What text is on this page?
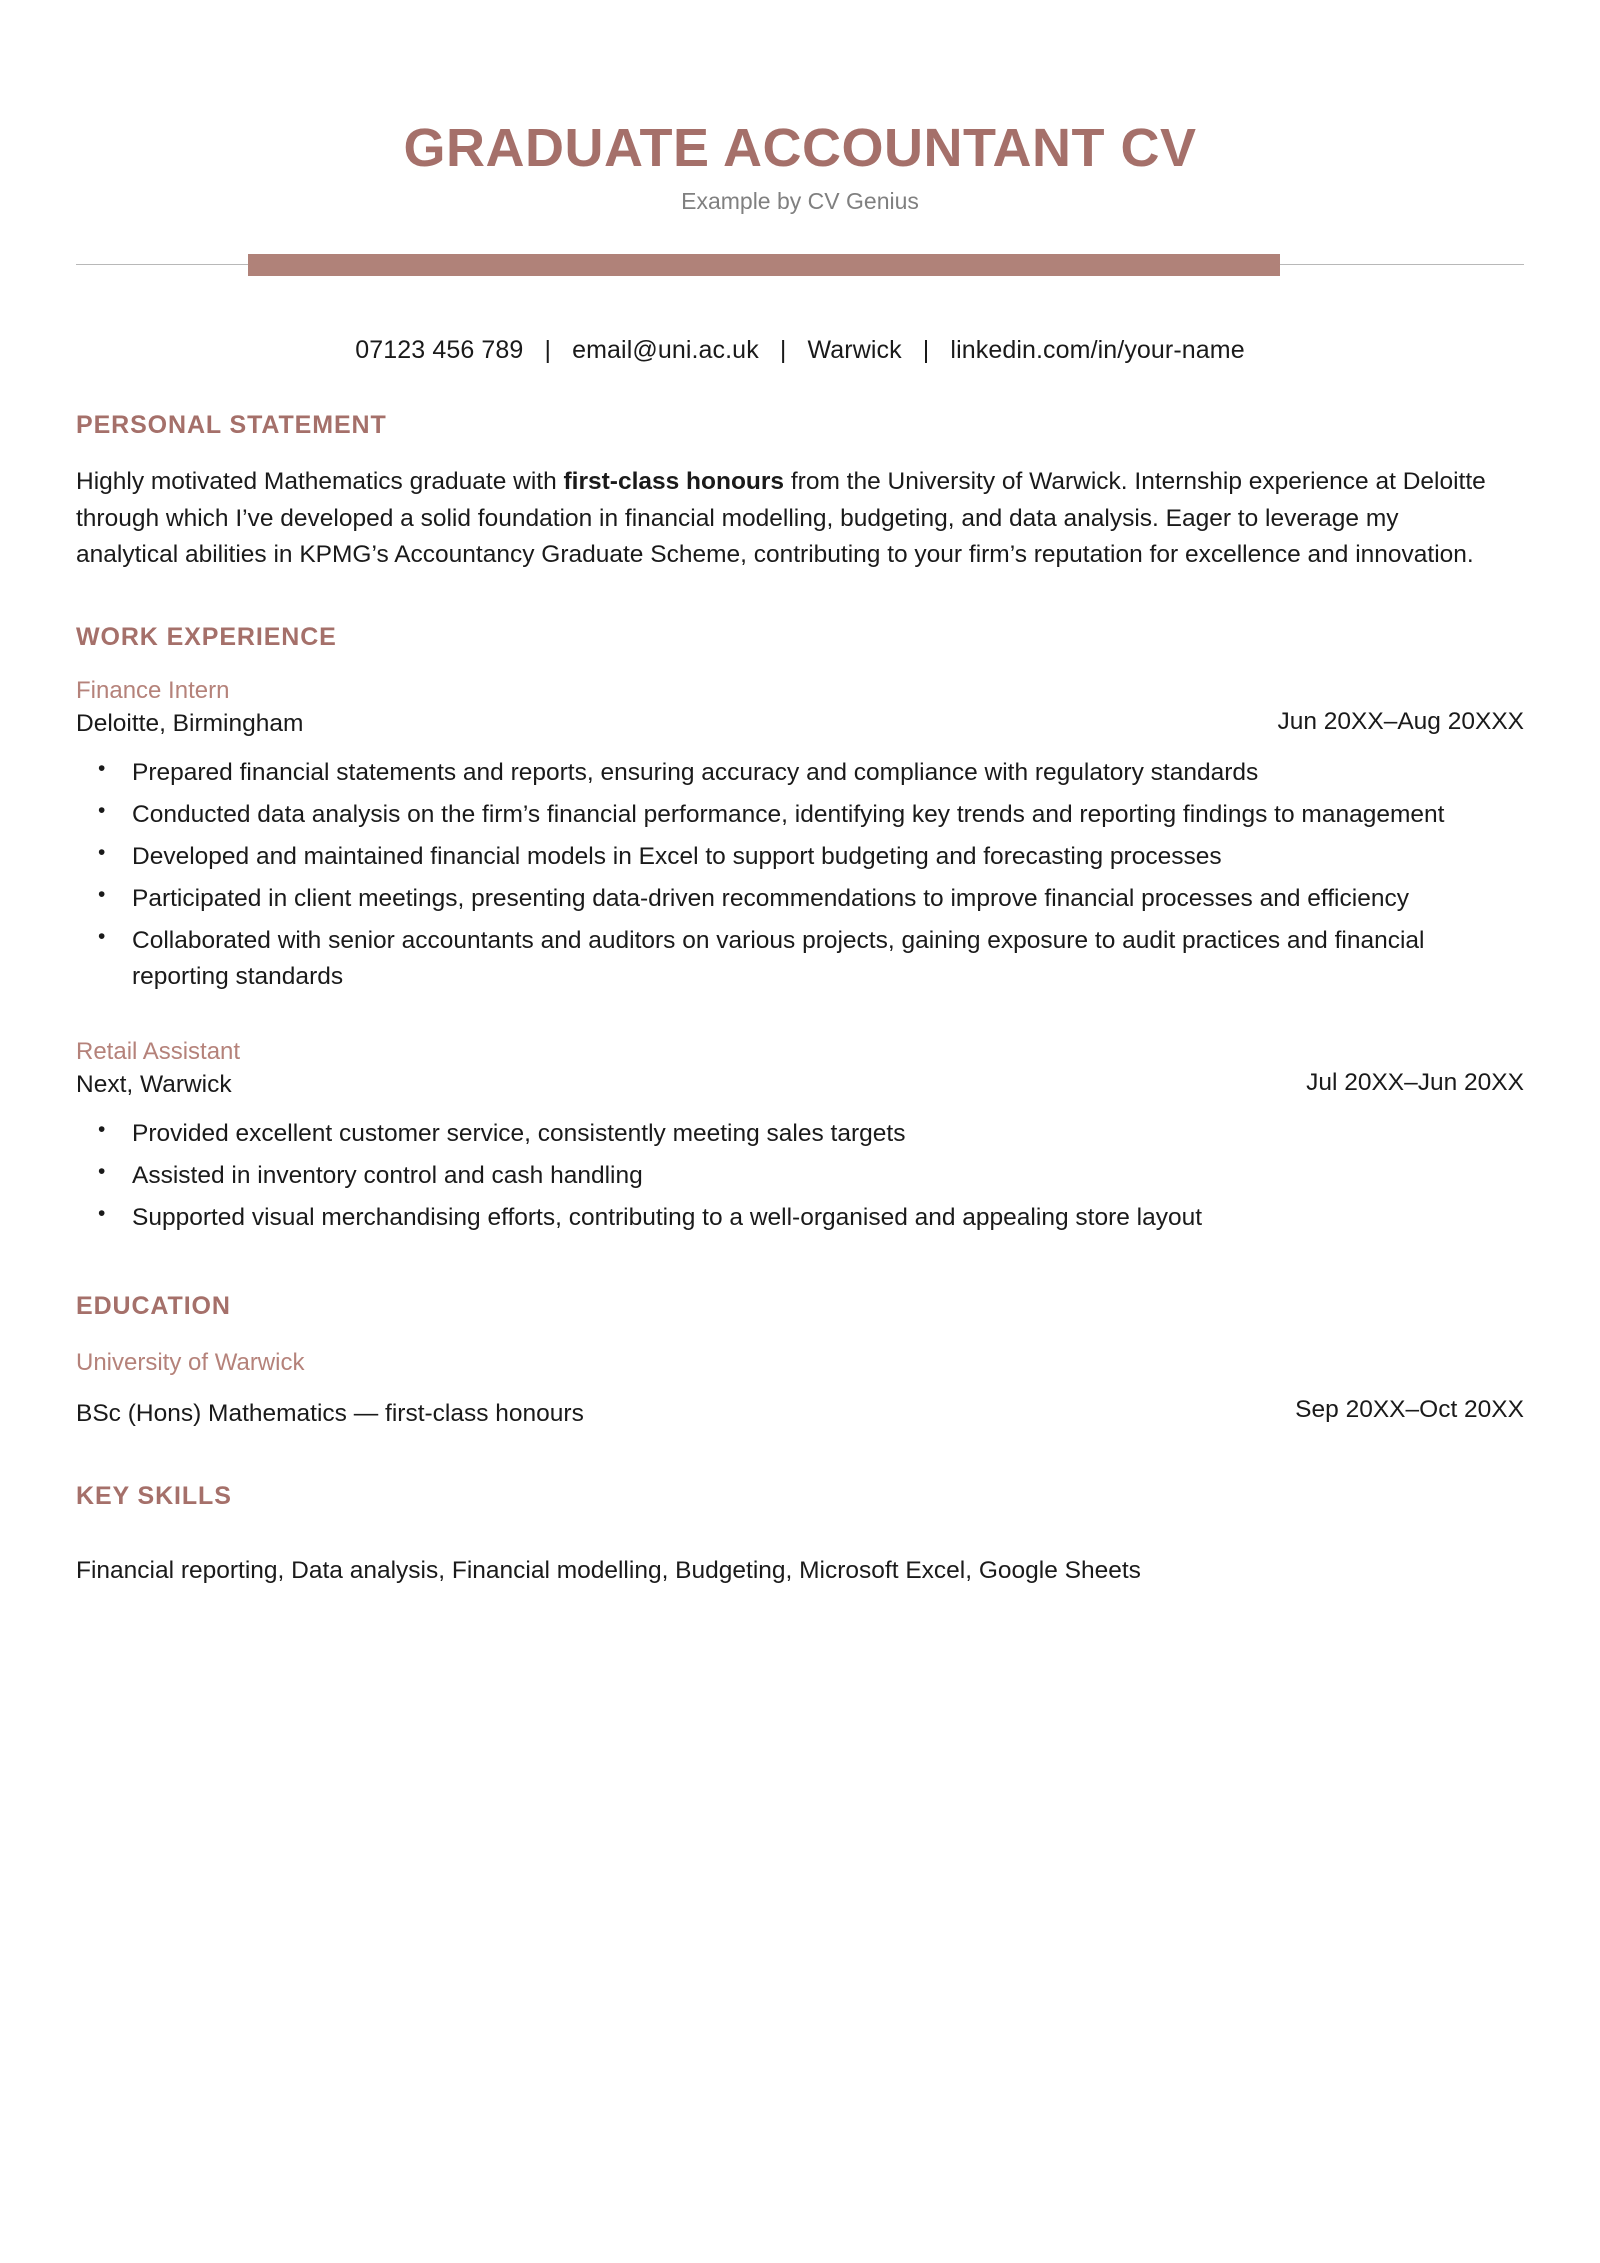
GRADUATE ACCOUNTANT CV
Example by CV Genius
07123 456 789 | email@uni.ac.uk | Warwick | linkedin.com/in/your-name
PERSONAL STATEMENT

Highly motivated Mathematics graduate with first-class honours from the University of Warwick. Internship experience at Deloitte through which I’ve developed a solid foundation in financial modelling, budgeting, and data analysis. Eager to leverage my analytical abilities in KPMG’s Accountancy Graduate Scheme, contributing to your firm’s reputation for excellence and innovation.

WORK EXPERIENCE
Finance Intern
Deloitte, Birmingham	Jun 20XX–Aug 20XXX
• Prepared financial statements and reports, ensuring accuracy and compliance with regulatory standards
• Conducted data analysis on the firm’s financial performance, identifying key trends and reporting findings to management
• Developed and maintained financial models in Excel to support budgeting and forecasting processes
• Participated in client meetings, presenting data-driven recommendations to improve financial processes and efficiency
• Collaborated with senior accountants and auditors on various projects, gaining exposure to audit practices and financial reporting standards
Retail Assistant
Next, Warwick	Jul 20XX–Jun 20XX
• Provided excellent customer service, consistently meeting sales targets
• Assisted in inventory control and cash handling
• Supported visual merchandising efforts, contributing to a well-organised and appealing store layout
EDUCATION
University of Warwick
BSc (Hons) Mathematics — first-class honours	Sep 20XX–Oct 20XX
KEY SKILLS
Financial reporting, Data analysis, Financial modelling, Budgeting, Microsoft Excel, Google Sheets
